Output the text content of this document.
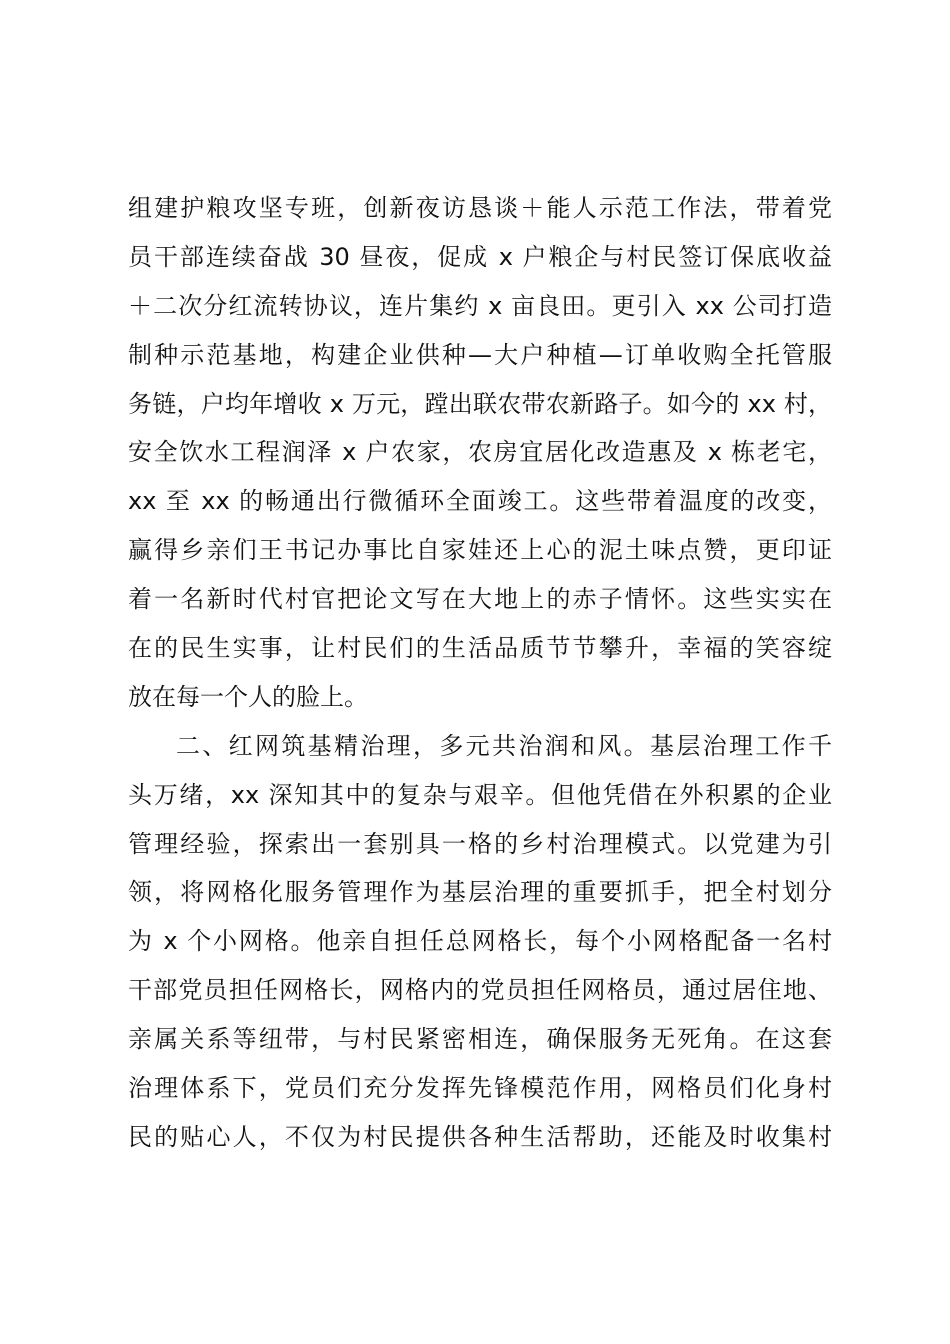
组建护粮攻坚专班，创新夜访恳谈＋能人示范工作法，带着党
员干部连续奋战 30 昼夜，促成 x 户粮企与村民签订保底收益
＋二次分红流转协议，连片集约 x 亩良田。更引入 xx 公司打造
制种示范基地，构建企业供种—大户种植—订单收购全托管服
务链，户均年增收 x 万元，蹚出联农带农新路子。如今的 xx 村，
安全饮水工程润泽 x 户农家，农房宜居化改造惠及 x 栋老宅，
xx 至 xx 的畅通出行微循环全面竣工。这些带着温度的改变，
赢得乡亲们王书记办事比自家娃还上心的泥土味点赞，更印证
着一名新时代村官把论文写在大地上的赤子情怀。这些实实在
在的民生实事，让村民们的生活品质节节攀升，幸福的笑容绽
放在每一个人的脸上。
二、红网筑基精治理，多元共治润和风。基层治理工作千
头万绪，xx 深知其中的复杂与艰辛。但他凭借在外积累的企业
管理经验，探索出一套别具一格的乡村治理模式。以党建为引
领，将网格化服务管理作为基层治理的重要抓手，把全村划分
为 x 个小网格。他亲自担任总网格长，每个小网格配备一名村
干部党员担任网格长，网格内的党员担任网格员，通过居住地、
亲属关系等纽带，与村民紧密相连，确保服务无死角。在这套
治理体系下，党员们充分发挥先锋模范作用，网格员们化身村
民的贴心人，不仅为村民提供各种生活帮助，还能及时收集村
